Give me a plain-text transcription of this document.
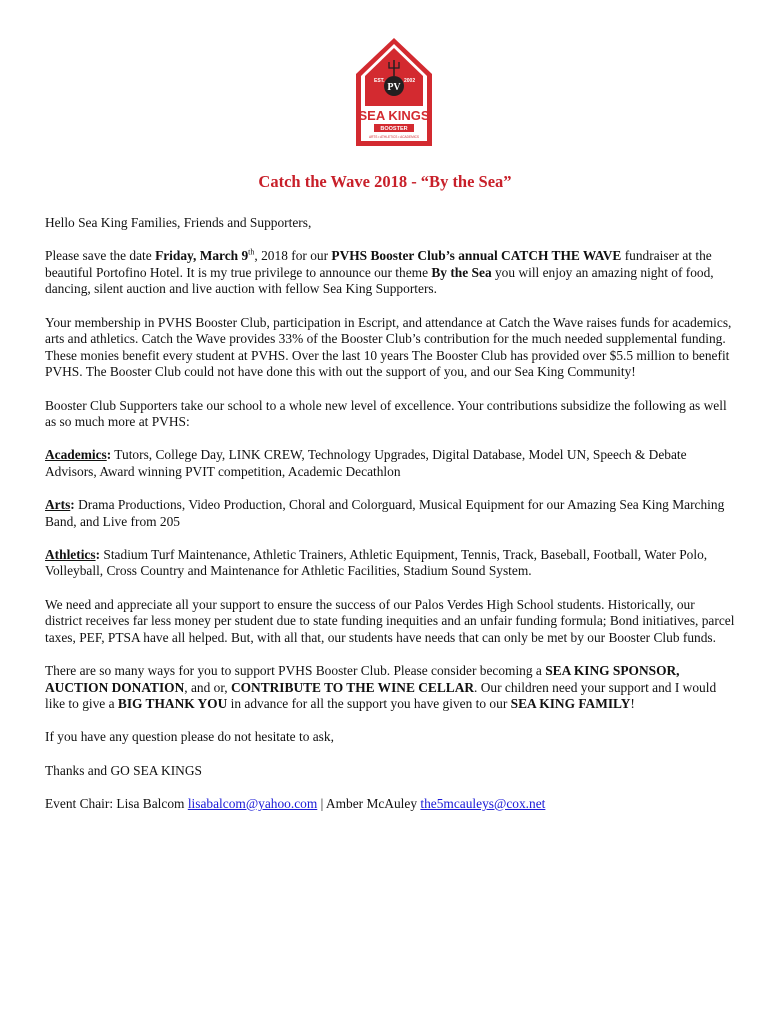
EST.	2002
PV
SEA KINGS
BOOSTER
ARTS • ATHLETICS • ACADEMICS
Catch the Wave 2018 - “By the Sea”

Hello Sea King Families, Friends and Supporters,

Please save the date Friday, March 9th, 2018 for our PVHS Booster Club’s annual CATCH THE WAVE fundraiser at the beautiful Portofino Hotel. It is my true privilege to announce our theme By the Sea you will enjoy an amazing night of food, dancing, silent auction and live auction with fellow Sea King Supporters.

Your membership in PVHS Booster Club, participation in Escript, and attendance at Catch the Wave raises funds for academics, arts and athletics. Catch the Wave provides 33% of the Booster Club’s contribution for the much needed supplemental funding. These monies benefit every student at PVHS. Over the last 10 years The Booster Club has provided over $5.5 million to benefit PVHS. The Booster Club could not have done this with out the support of you, and our Sea King Community!

Booster Club Supporters take our school to a whole new level of excellence. Your contributions subsidize the following as well as so much more at PVHS:

Academics: Tutors, College Day, LINK CREW, Technology Upgrades, Digital Database, Model UN, Speech & Debate Advisors, Award winning PVIT competition, Academic Decathlon

Arts: Drama Productions, Video Production, Choral and Colorguard, Musical Equipment for our Amazing Sea King Marching Band, and Live from 205

Athletics: Stadium Turf Maintenance, Athletic Trainers, Athletic Equipment, Tennis, Track, Baseball, Football, Water Polo, Volleyball, Cross Country and Maintenance for Athletic Facilities, Stadium Sound System.

We need and appreciate all your support to ensure the success of our Palos Verdes High School students. Historically, our district receives far less money per student due to state funding inequities and an unfair funding formula; Bond initiatives, parcel taxes, PEF, PTSA have all helped. But, with all that, our students have needs that can only be met by our Booster Club funds.

There are so many ways for you to support PVHS Booster Club. Please consider becoming a SEA KING SPONSOR, AUCTION DONATION, and or, CONTRIBUTE TO THE WINE CELLAR. Our children need your support and I would like to give a BIG THANK YOU in advance for all the support you have given to our SEA KING FAMILY!

If you have any question please do not hesitate to ask,

Thanks and GO SEA KINGS

Event Chair: Lisa Balcom lisabalcom@yahoo.com | Amber McAuley the5mcauleys@cox.net
